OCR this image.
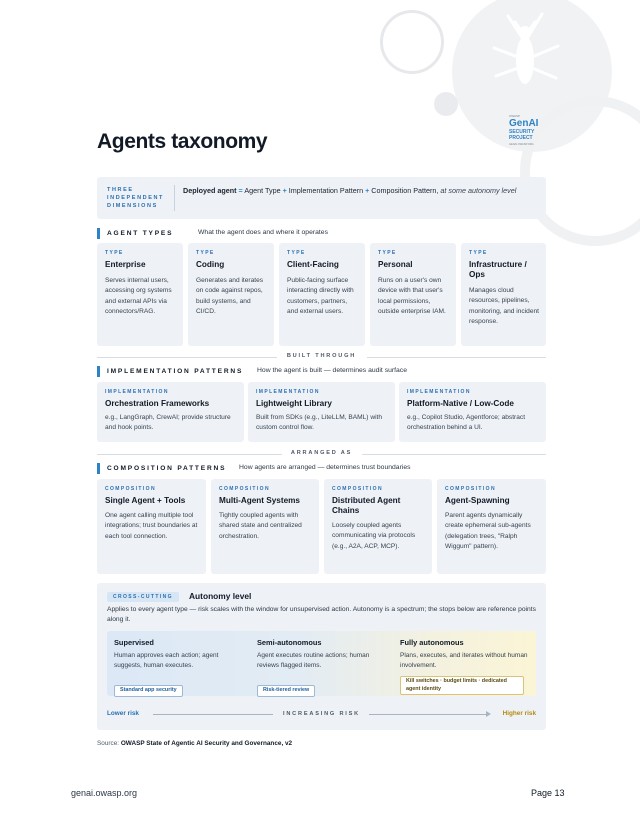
Agents taxonomy
OWASP
GenAI
SECURITY
PROJECT
GENAI.OWASP.ORG
THREE INDEPENDENT DIMENSIONS
Deployed agent = Agent Type + Implementation Pattern + Composition Pattern, at some autonomy level
AGENT TYPES	What the agent does and where it operates
TYPE
Enterprise
Serves internal users, accessing org systems and external APIs via connectors/RAG.
TYPE
Coding
Generates and iterates on code against repos, build systems, and CI/CD.
TYPE
Client-Facing
Public-facing surface interacting directly with customers, partners, and external users.
TYPE
Personal
Runs on a user's own device with that user's local permissions, outside enterprise IAM.
TYPE
Infrastructure / Ops
Manages cloud resources, pipelines, monitoring, and incident response.
BUILT THROUGH
IMPLEMENTATION PATTERNS How the agent is built — determines audit surface
IMPLEMENTATION
Orchestration Frameworks
e.g., LangGraph, CrewAI; provide structure and hook points.
IMPLEMENTATION
Lightweight Library
Built from SDKs (e.g., LiteLLM, BAML) with custom control flow.
IMPLEMENTATION
Platform-Native / Low-Code
e.g., Copilot Studio, Agentforce; abstract orchestration behind a UI.
ARRANGED AS
COMPOSITION PATTERNS How agents are arranged — determines trust boundaries
COMPOSITION
Single Agent + Tools
One agent calling multiple tool integrations; trust boundaries at each tool connection.
COMPOSITION
Multi-Agent Systems
Tightly coupled agents with shared state and centralized orchestration.
COMPOSITION
Distributed Agent Chains
Loosely coupled agents communicating via protocols (e.g., A2A, ACP, MCP).
COMPOSITION
Agent-Spawning
Parent agents dynamically create ephemeral sub-agents (delegation trees, "Ralph Wiggum" pattern).
CROSS-CUTTING	Autonomy level
Applies to every agent type — risk scales with the window for unsupervised action. Autonomy is a spectrum; the stops below are reference points along it.
Supervised
Human approves each action; agent suggests, human executes.
Semi-autonomous
Agent executes routine actions; human reviews flagged items.
Fully autonomous
Plans, executes, and iterates without human involvement.
Standard app security	Risk-tiered review
Kill switches · budget limits · dedicated agent identity
Lower risk	INCREASING RISK	Higher risk
Source: OWASP State of Agentic AI Security and Governance, v2
genai.owasp.org	Page 13
